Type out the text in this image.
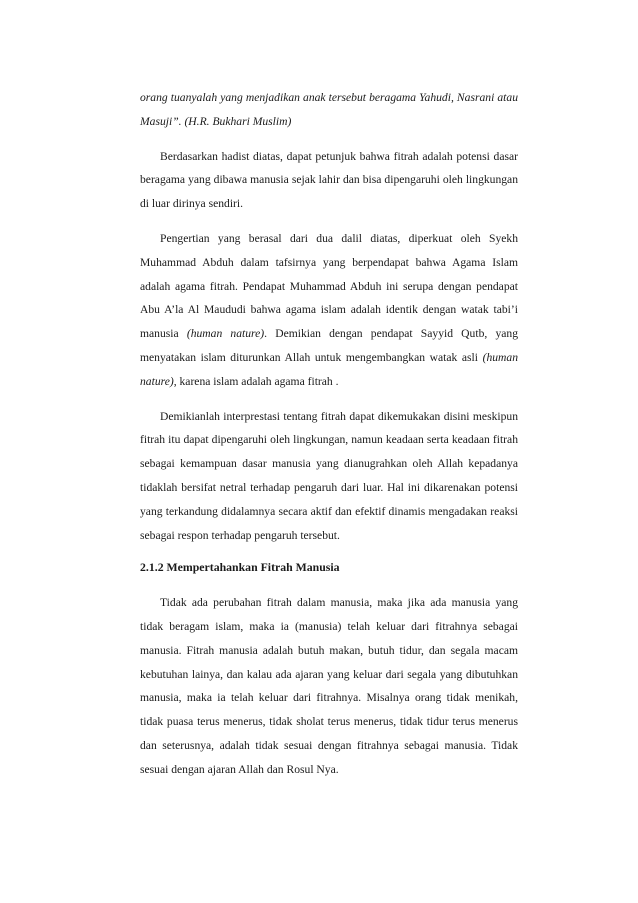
orang tuanyalah yang menjadikan anak tersebut beragama Yahudi, Nasrani atau Masuji”. (H.R. Bukhari Muslim)

Berdasarkan hadist diatas, dapat petunjuk bahwa fitrah adalah potensi dasar beragama yang dibawa manusia sejak lahir dan bisa dipengaruhi oleh lingkungan di luar dirinya sendiri.

Pengertian yang berasal dari dua dalil diatas, diperkuat oleh Syekh Muhammad Abduh dalam tafsirnya yang berpendapat bahwa Agama Islam adalah agama fitrah. Pendapat Muhammad Abduh ini serupa dengan pendapat Abu A’la Al Maududi bahwa agama islam adalah identik dengan watak tabi’i manusia (human nature). Demikian dengan pendapat Sayyid Qutb, yang menyatakan islam diturunkan Allah untuk mengembangkan watak asli (human nature), karena islam adalah agama fitrah .

Demikianlah interprestasi tentang fitrah dapat dikemukakan disini meskipun fitrah itu dapat dipengaruhi oleh lingkungan, namun keadaan serta keadaan fitrah sebagai kemampuan dasar manusia yang dianugrahkan oleh Allah kepadanya tidaklah bersifat netral terhadap pengaruh dari luar. Hal ini dikarenakan potensi yang terkandung didalamnya secara aktif dan efektif dinamis mengadakan reaksi sebagai respon terhadap pengaruh tersebut.

2.1.2 Mempertahankan Fitrah Manusia

Tidak ada perubahan fitrah dalam manusia, maka jika ada manusia yang tidak beragam islam, maka ia (manusia) telah keluar dari fitrahnya sebagai manusia. Fitrah manusia adalah butuh makan, butuh tidur, dan segala macam kebutuhan lainya, dan kalau ada ajaran yang keluar dari segala yang dibutuhkan manusia, maka ia telah keluar dari fitrahnya. Misalnya orang tidak menikah, tidak puasa terus menerus, tidak sholat terus menerus, tidak tidur terus menerus dan seterusnya, adalah tidak sesuai dengan fitrahnya sebagai manusia. Tidak sesuai dengan ajaran Allah dan Rosul Nya.
